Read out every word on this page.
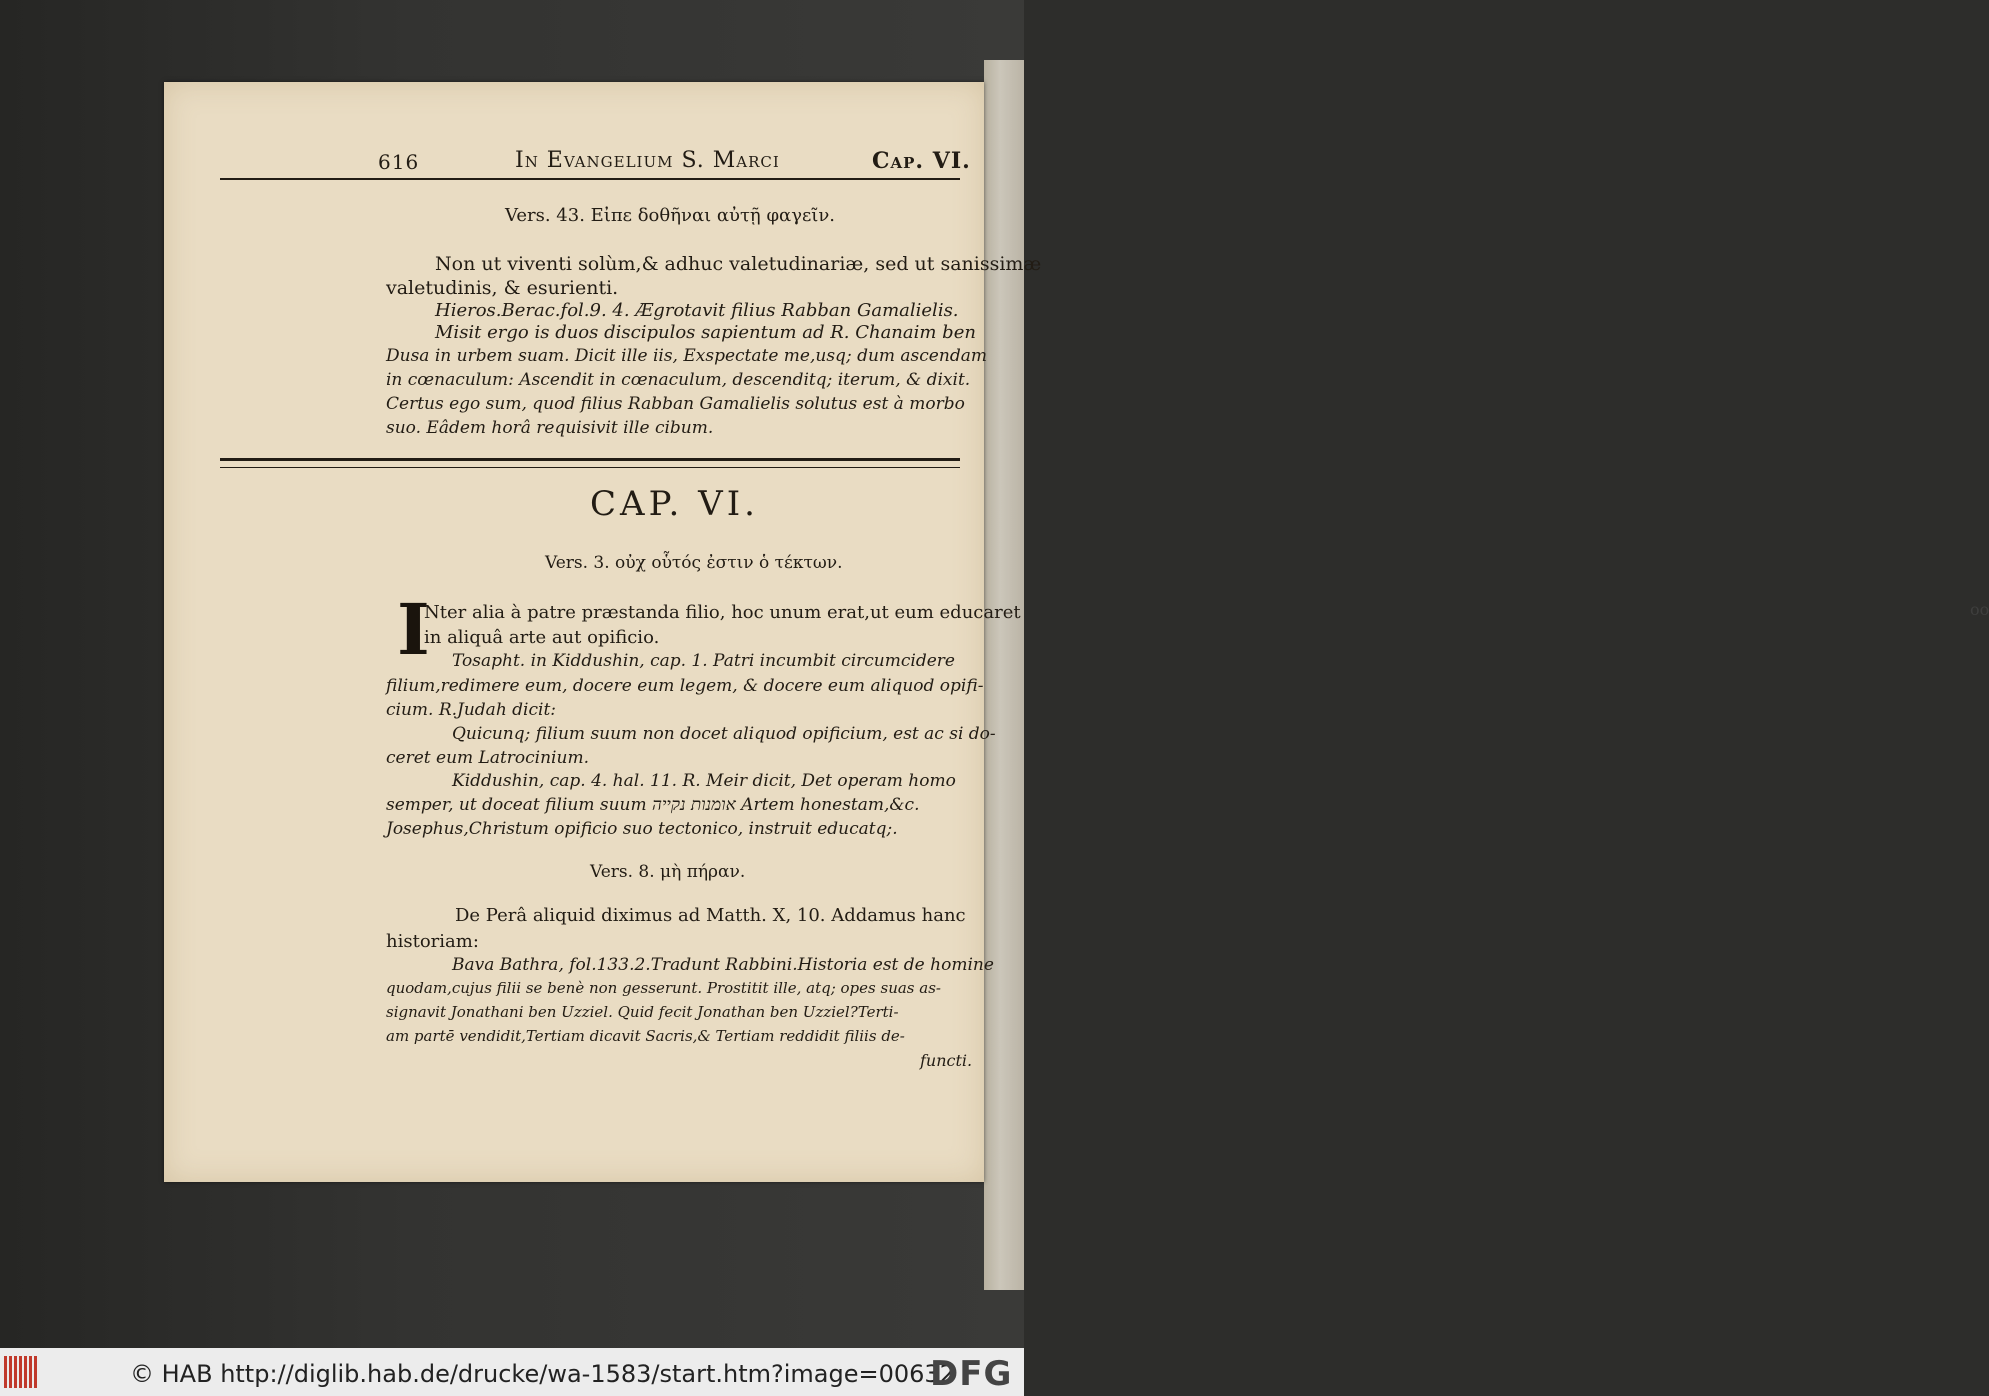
oo
616	In Evangelium S. Marci	Cap. VI.
Vers. 43. Εἰπε δοθῆναι αὐτῇ φαγεῖν.
Non ut viventi solùm,& adhuc valetudinariæ, sed ut sanissimæ
valetudinis, & esurienti.
Hieros.Berac.fol.9. 4. Ægrotavit filius Rabban Gamalielis.
Misit ergo is duos discipulos sapientum ad R. Chanaim ben
Dusa in urbem suam. Dicit ille iis, Exspectate me,usq; dum ascendam
in cœnaculum: Ascendit in cœnaculum, descenditq; iterum, & dixit.
Certus ego sum, quod filius Rabban Gamalielis solutus est à morbo
suo. Eâdem horâ requisivit ille cibum.
CAP. VI.
Vers. 3. οὐχ οὗτός ἐστιν ὁ τέκτων.
I
Nter alia à patre præstanda filio, hoc unum erat,ut eum educaret
in aliquâ arte aut opificio.
Tosapht. in Kiddushin, cap. 1. Patri incumbit circumcidere
filium,redimere eum, docere eum legem, & docere eum aliquod opifi-
cium. R.Judah dicit:
Quicunq; filium suum non docet aliquod opificium, est ac si do-
ceret eum Latrocinium.
Kiddushin, cap. 4. hal. 11. R. Meir dicit, Det operam homo
semper, ut doceat filium suum אומנות נקייה Artem honestam,&c.
Josephus,Christum opificio suo tectonico, instruit educatq;.
Vers. 8. μὴ πήραν.
De Perâ aliquid diximus ad Matth. X, 10. Addamus hanc
historiam:
Bava Bathra, fol.133.2.Tradunt Rabbini.Historia est de homine
quodam,cujus filii se benè non gesserunt. Prostitit ille, atq; opes suas as-
signavit Jonathani ben Uzziel. Quid fecit Jonathan ben Uzziel?Terti-
am partē vendidit,Tertiam dicavit Sacris,& Tertiam reddidit filiis de-
functi.
© HAB http://diglib.hab.de/drucke/wa-1583/start.htm?image=00632
DFG
